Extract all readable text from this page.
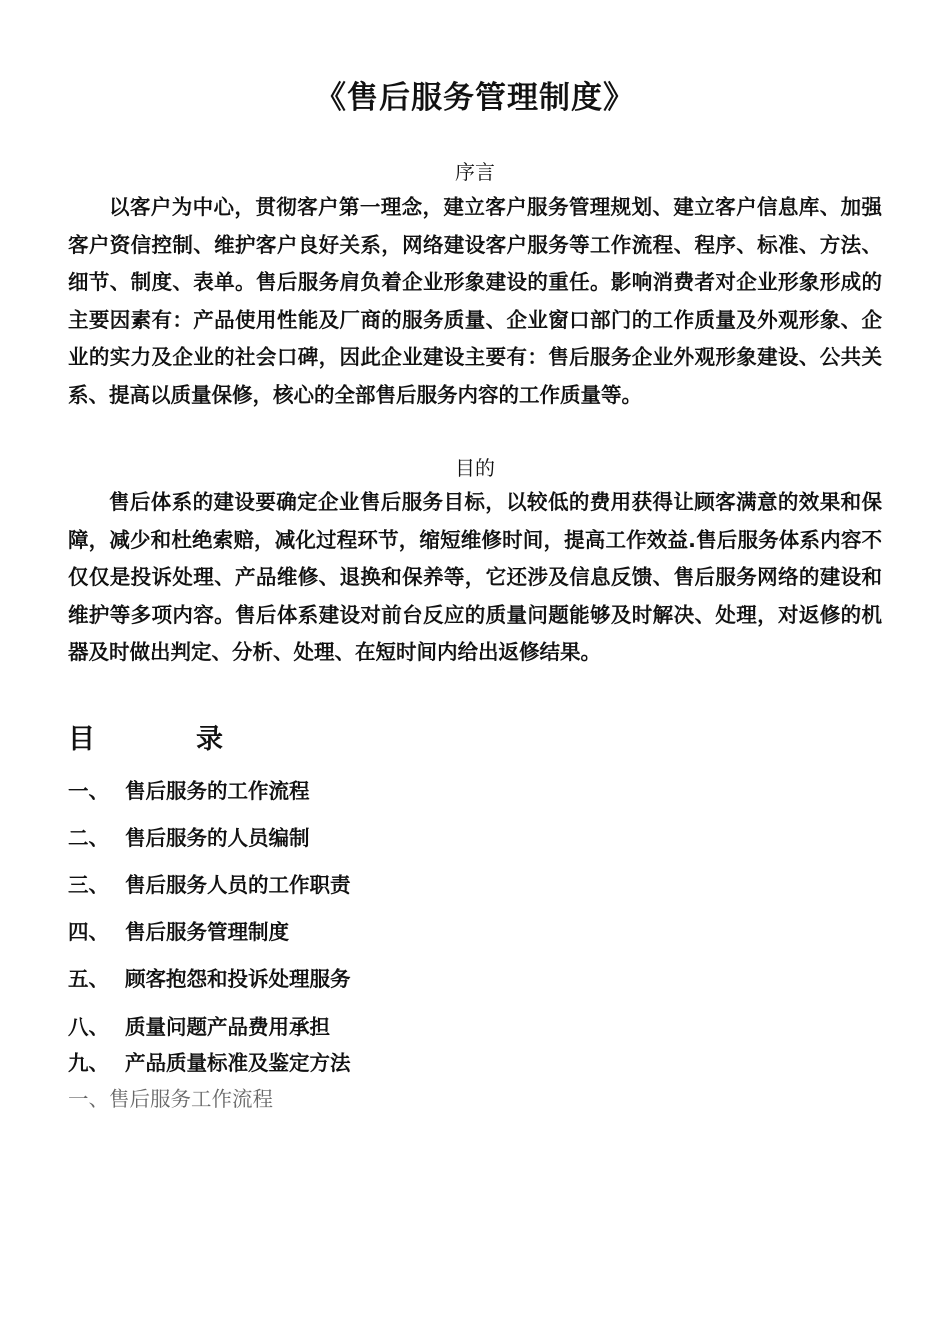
《售后服务管理制度》
序言

以客户为中心，贯彻客户第一理念，建立客户服务管理规划、建立客户信息库、加强客户资信控制、维护客户良好关系，网络建设客户服务等工作流程、程序、标准、方法、细节、制度、表单。售后服务肩负着企业形象建设的重任。影响消费者对企业形象形成的主要因素有：产品使用性能及厂商的服务质量、企业窗口部门的工作质量及外观形象、企业的实力及企业的社会口碑，因此企业建设主要有：售后服务企业外观形象建设、公共关系、提高以质量保修，核心的全部售后服务内容的工作质量等。

目的

售后体系的建设要确定企业售后服务目标，以较低的费用获得让顾客满意的效果和保障，减少和杜绝索赔，减化过程环节，缩短维修时间，提高工作效益.售后服务体系内容不仅仅是投诉处理、产品维修、退换和保养等，它还涉及信息反馈、售后服务网络的建设和维护等多项内容。售后体系建设对前台反应的质量问题能够及时解决、处理，对返修的机器及时做出判定、分析、处理、在短时间内给出返修结果。

目	录
一、 售后服务的工作流程
二、 售后服务的人员编制
三、 售后服务人员的工作职责
四、 售后服务管理制度
五、 顾客抱怨和投诉处理服务
八、 质量问题产品费用承担
九、 产品质量标准及鉴定方法
一、售后服务工作流程
